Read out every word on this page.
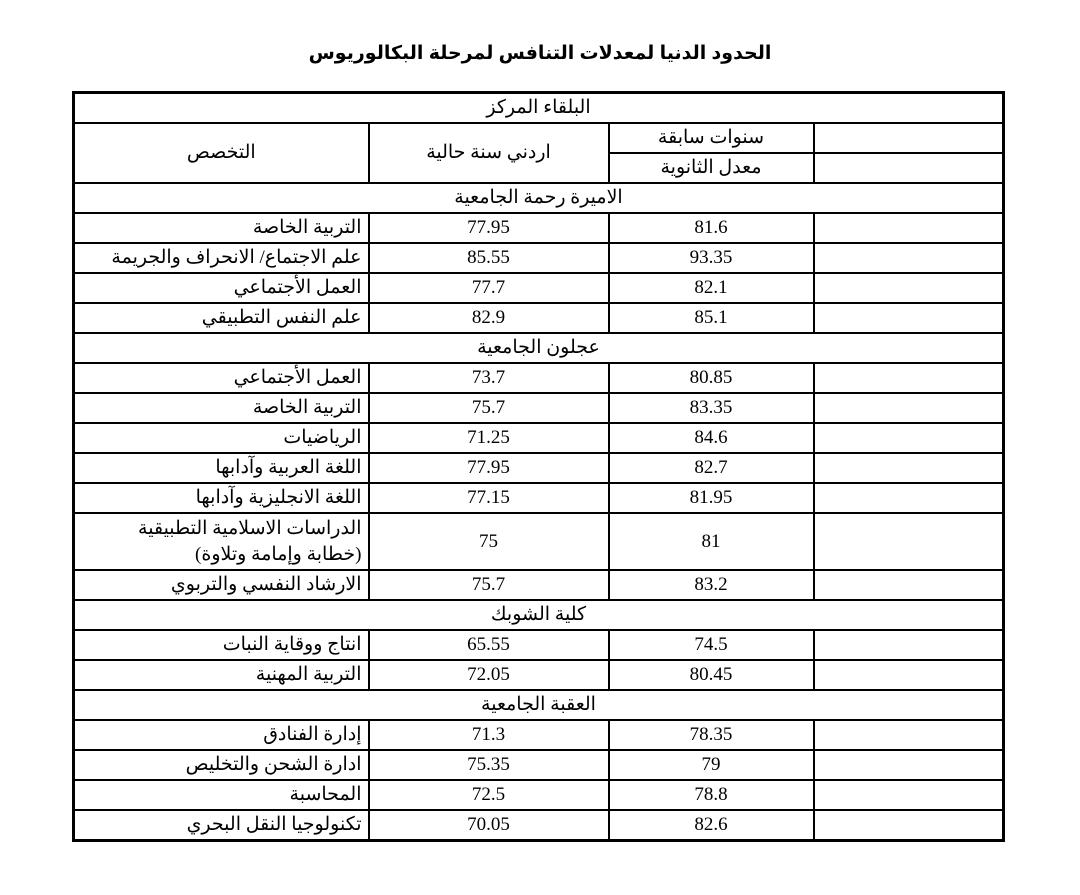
الحدود الدنيا لمعدلات التنافس لمرحلة البكالوريوس
البلقاء المركز			
	سنوات سابقة	اردني سنة حالية	التخصص
	معدل الثانوية		
الاميرة رحمة الجامعية			
	81.6	77.95	التربية الخاصة
	93.35	85.55	علم الاجتماع/ الانحراف والجريمة
	82.1	77.7	العمل الأجتماعي
	85.1	82.9	علم النفس التطبيقي
عجلون الجامعية			
	80.85	73.7	العمل الأجتماعي
	83.35	75.7	التربية الخاصة
	84.6	71.25	الرياضيات
	82.7	77.95	اللغة العربية وآدابها
	81.95	77.15	اللغة الانجليزية وآدابها
	81	75	الدراسات الاسلامية التطبيقية (خطابة وإمامة وتلاوة)
	83.2	75.7	الارشاد النفسي والتربوي
كلية الشوبك			
	74.5	65.55	انتاج ووقاية النبات
	80.45	72.05	التربية المهنية
العقبة الجامعية			
	78.35	71.3	إدارة الفنادق
	79	75.35	ادارة الشحن والتخليص
	78.8	72.5	المحاسبة
	82.6	70.05	تكنولوجيا النقل البحري
